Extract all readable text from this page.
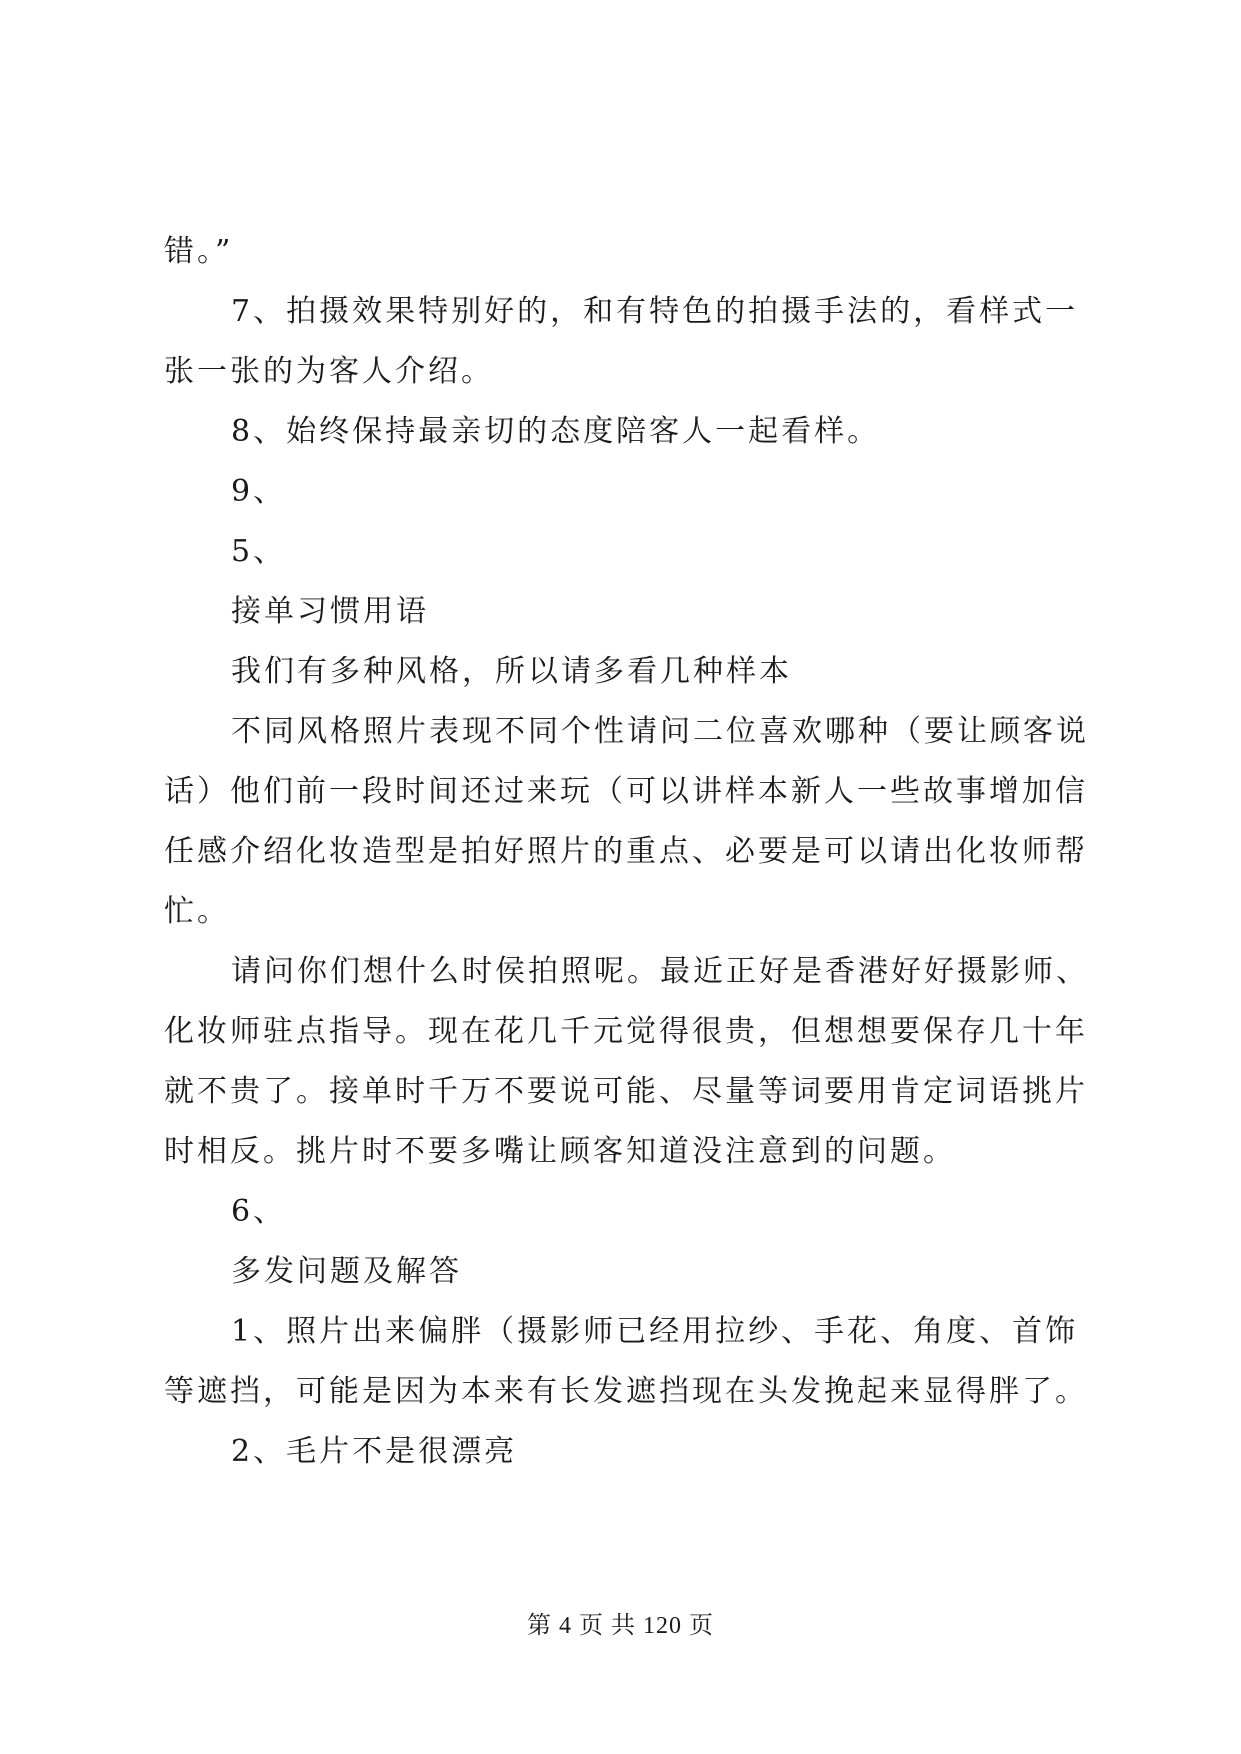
错。”
7、拍摄效果特别好的，和有特色的拍摄手法的，看样式一
张一张的为客人介绍。
8、始终保持最亲切的态度陪客人一起看样。
9、
5、
接单习惯用语
我们有多种风格，所以请多看几种样本
不同风格照片表现不同个性请问二位喜欢哪种（要让顾客说
话）他们前一段时间还过来玩（可以讲样本新人一些故事增加信
任感介绍化妆造型是拍好照片的重点、必要是可以请出化妆师帮
忙。
请问你们想什么时侯拍照呢。最近正好是香港好好摄影师、
化妆师驻点指导。现在花几千元觉得很贵，但想想要保存几十年
就不贵了。接单时千万不要说可能、尽量等词要用肯定词语挑片
时相反。挑片时不要多嘴让顾客知道没注意到的问题。
6、
多发问题及解答
1、照片出来偏胖（摄影师已经用拉纱、手花、角度、首饰
等遮挡，可能是因为本来有长发遮挡现在头发挽起来显得胖了。
2、毛片不是很漂亮
第 4 页 共 120 页
